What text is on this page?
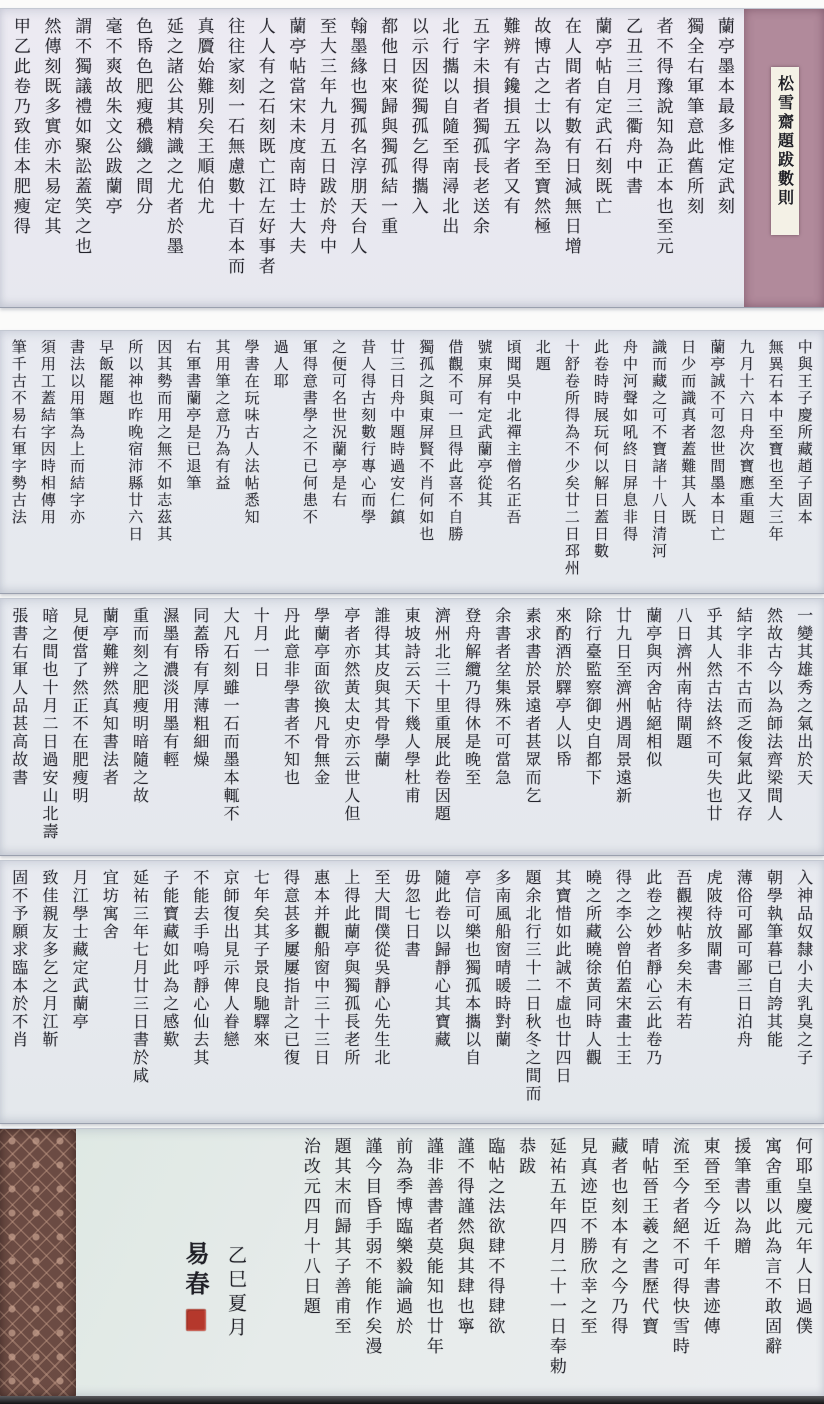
松雪齋題跋數則
蘭亭墨本最多惟定武刻
獨全右軍筆意此舊所刻
者不得豫說知為正本也至元
乙丑三月三衢舟中書
蘭亭帖自定武石刻既亡
在人間者有數有日減無日增
故博古之士以為至寶然極
難辨有鑱損五字者又有
五字未損者獨孤長老送余
北行攜以自隨至南潯北出
以示因從獨孤乞得攜入
都他日來歸與獨孤結一重
翰墨緣也獨孤名淳朋天台人
至大三年九月五日跋於舟中
蘭亭帖當宋未度南時士大夫
人人有之石刻既亡江左好事者
往往家刻一石無慮數十百本而
真贗始難別矣王順伯尤
延之諸公其精識之尤者於墨
色帋色肥瘦穠纖之間分
毫不爽故朱文公跋蘭亭
謂不獨議禮如聚訟蓋笑之也
然傳刻既多實亦未易定其
甲乙此卷乃致佳本肥瘦得
中與王子慶所藏趙子固本
無異石本中至寶也至大三年
九月十六日舟次寶應重題
蘭亭誠不可忽世間墨本日亡
日少而識真者蓋難其人既
識而藏之可不寶諸十八日清河
舟中河聲如吼終日屏息非得
此卷時時展玩何以解日蓋日數
十舒卷所得為不少矣廿二日邳州
北題
頃聞吳中北禪主僧名正吾
號東屏有定武蘭亭從其
借觀不可一旦得此喜不自勝
獨孤之與東屏賢不肖何如也
廿三日舟中題時過安仁鎮
昔人得古刻數行專心而學
之便可名世況蘭亭是右
軍得意書學之不已何患不
過人耶
學書在玩味古人法帖悉知
其用筆之意乃為有益
右軍書蘭亭是已退筆
因其勢而用之無不如志茲其
所以神也昨晚宿沛縣廿六日
早飯罷題
書法以用筆為上而結字亦
須用工蓋結字因時相傳用
筆千古不易右軍字勢古法
一變其雄秀之氣出於天
然故古今以為師法齊梁間人
結字非不古而乏俊氣此又存
乎其人然古法終不可失也廿
八日濟州南待閘題
蘭亭與丙舍帖絕相似
廿九日至濟州遇周景遠新
除行臺監察御史自都下
來酌酒於驛亭人以帋
素求書於景遠者甚眾而乞
余書者坌集殊不可當急
登舟解纜乃得休是晚至
濟州北三十里重展此卷因題
東坡詩云天下幾人學杜甫
誰得其皮與其骨學蘭
亭者亦然黃太史亦云世人但
學蘭亭面欲換凡骨無金
丹此意非學書者不知也
十月一日
大凡石刻雖一石而墨本輒不
同蓋帋有厚薄粗細燥
濕墨有濃淡用墨有輕
重而刻之肥瘦明暗隨之故
蘭亭難辨然真知書法者
見便當了然正不在肥瘦明
暗之間也十月二日過安山北壽
張書右軍人品甚高故書
入神品奴隸小夫乳臭之子
朝學執筆暮已自誇其能
薄俗可鄙可鄙三日泊舟
虎陂待放閘書
吾觀禊帖多矣未有若
此卷之妙者靜心云此卷乃
得之李公曾伯蓋宋畫士王
曉之所藏曉徐黃同時人觀
其寶惜如此誠不虛也廿四日
題余北行三十二日秋冬之間而
多南風船窗晴暖時對蘭
亭信可樂也獨孤本攜以自
隨此卷以歸靜心其寶藏
毋忽七日書
至大間僕從吳靜心先生北
上得此蘭亭與獨孤長老所
惠本并觀船窗中三十三日
得意甚多屢屢指計之已復
七年矣其子景良馳驛來
京師復出見示俾人眷戀
不能去手嗚呼靜心仙去其
子能寶藏如此為之感歎
延祐三年七月廿三日書於咸
宜坊寓舍
月江學士藏定武蘭亭
致佳親友多乞之月江靳
固不予願求臨本於不肖
乙巳夏月
易春	何耶皇慶元年人日過僕
寓舍重以此為言不敢固辭
援筆書以為贈
東晉至今近千年書迹傳
流至今者絕不可得快雪時
晴帖晉王羲之書歷代寶
藏者也刻本有之今乃得
見真迹臣不勝欣幸之至
延祐五年四月二十一日奉勅
恭跋
臨帖之法欲肆不得肆欲
謹不得謹然與其肆也寧
謹非善書者莫能知也廿年
前為季博臨樂毅論過於
謹今目昏手弱不能作矣漫
題其末而歸其子善甫至
治改元四月十八日題
